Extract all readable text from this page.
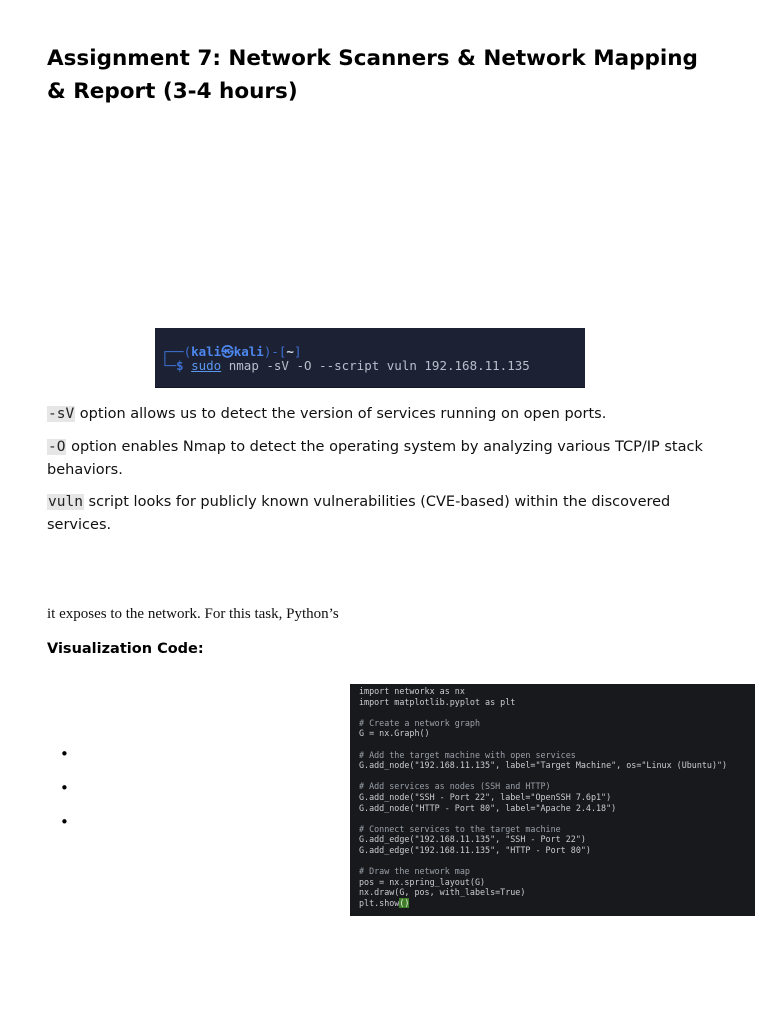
Assignment 7: Network Scanners & Network Mapping & Report (3-4 hours)
┌──(kali㉿kali)-[~]
└─$ sudo nmap -sV -O --script vuln 192.168.11.135
-sV option allows us to detect the version of services running on open ports.
-O option enables Nmap to detect the operating system by analyzing various TCP/IP stack behaviors.
vuln script looks for publicly known vulnerabilities (CVE-based) within the discovered services.
it exposes to the network. For this task, Python’s
Visualization Code:
•
•
•
import networkx as nx
import matplotlib.pyplot as plt
# Create a network graph
G = nx.Graph()
# Add the target machine with open services
G.add_node("192.168.11.135", label="Target Machine", os="Linux (Ubuntu)")
# Add services as nodes (SSH and HTTP)
G.add_node("SSH - Port 22", label="OpenSSH 7.6p1")
G.add_node("HTTP - Port 80", label="Apache 2.4.18")
# Connect services to the target machine
G.add_edge("192.168.11.135", "SSH - Port 22")
G.add_edge("192.168.11.135", "HTTP - Port 80")
# Draw the network map
pos = nx.spring_layout(G)
nx.draw(G, pos, with_labels=True)
plt.show()
